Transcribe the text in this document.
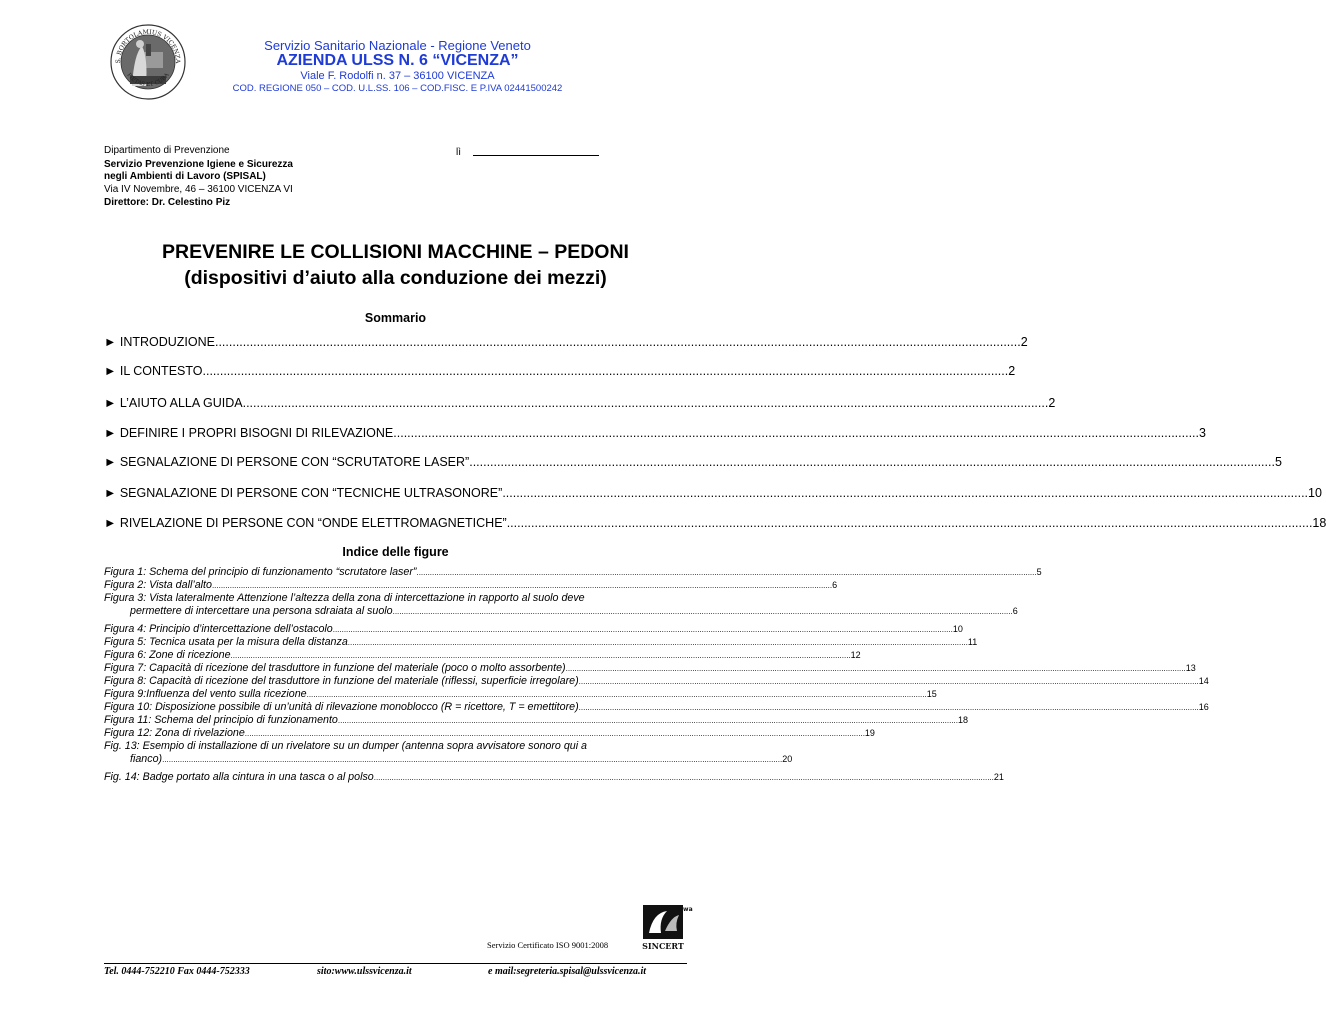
S. BORTOLAMIUS VICENZA
PIETAS ET CURA
Servizio Sanitario Nazionale - Regione Veneto
AZIENDA ULSS N. 6 “VICENZA”
Viale F. Rodolfi n. 37 – 36100 VICENZA
COD. REGIONE 050 – COD. U.L.SS. 106 – COD.FISC. E P.IVA 02441500242
Dipartimento di Prevenzione
Servizio Prevenzione Igiene e Sicurezza
negli Ambienti di Lavoro (SPISAL)
Via IV Novembre, 46 – 36100 VICENZA VI
Direttore: Dr. Celestino Piz
lì
PREVENIRE LE COLLISIONI MACCHINE – PEDONI
(dispositivi d’aiuto alla conduzione dei mezzi)
Sommario
► INTRODUZIONE .....	2
► IL CONTESTO .....	2
► L’AIUTO ALLA GUIDA .....	2
► DEFINIRE I PROPRI BISOGNI DI RILEVAZIONE .....	3
► SEGNALAZIONE DI PERSONE CON “SCRUTATORE LASER” .....	5
► SEGNALAZIONE DI PERSONE CON “TECNICHE ULTRASONORE” .....	10
► RIVELAZIONE DI PERSONE CON “ONDE ELETTROMAGNETICHE” .....	18
Indice delle figure
Figura 1: Schema del principio di funzionamento “scrutatore laser” .....	5
Figura 2: Vista dall’alto .....	6
Figura 3: Vista lateralmente Attenzione l’altezza della zona di intercettazione in rapporto al suolo deve
permettere di intercettare una persona sdraiata al suolo .....	6
Figura 4: Principio d’intercettazione dell’ostacolo .....	10
Figura 5: Tecnica usata per la misura della distanza .....	11
Figura 6: Zone di ricezione .....	12
Figura 7: Capacità di ricezione del trasduttore in funzione del materiale (poco o molto assorbente) .....	13
Figura 8: Capacità di ricezione del trasduttore in funzione del materiale (riflessi, superficie irregolare) .....	14
Figura 9:Influenza del vento sulla ricezione .....	15
Figura 10: Disposizione possibile di un’unità di rilevazione monoblocco (R = ricettore, T = emettitore) .....	16
Figura 11: Schema del principio di funzionamento .....	18
Figura 12: Zona di rivelazione .....	19
Fig. 13: Esempio di installazione di un rivelatore su un dumper (antenna sopra avvisatore sonoro qui a
fianco) .....	20
Fig. 14: Badge portato alla cintura in una tasca o al polso .....	21
kiwa
SINCERT
Servizio Certificato ISO 9001:2008
Tel. 0444-752210 Fax 0444-752333	sito:www.ulssvicenza.it	e mail:segreteria.spisal@ulssvicenza.it
